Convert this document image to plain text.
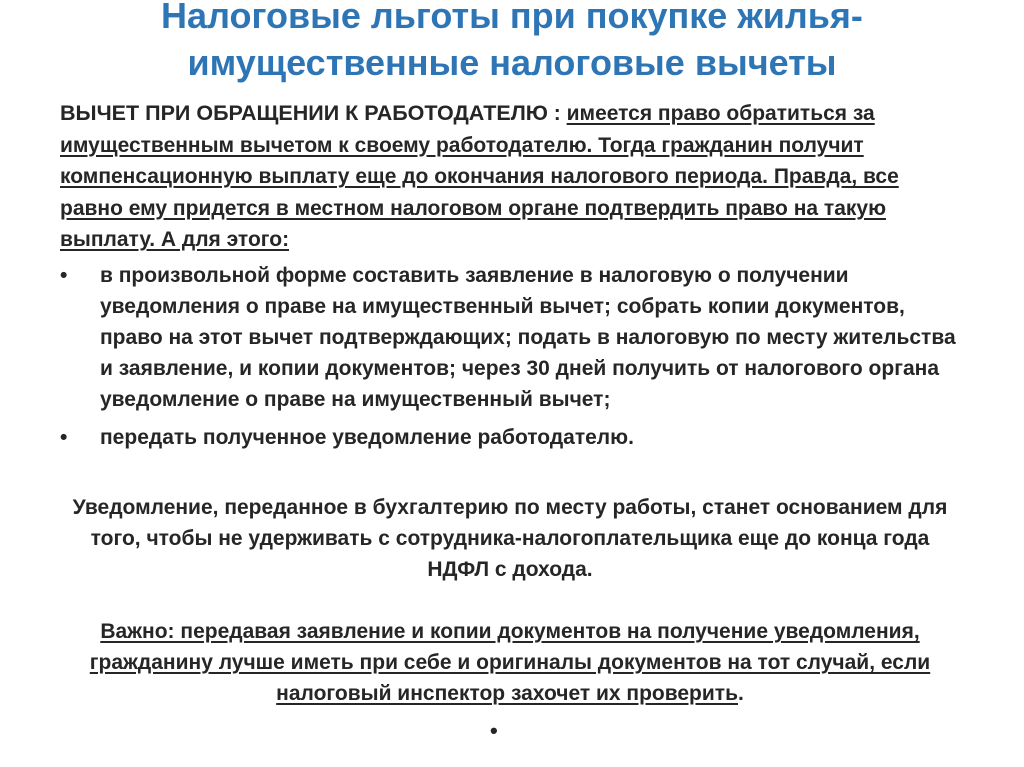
Налоговые льготы при покупке жилья-
имущественные налоговые вычеты

ВЫЧЕТ ПРИ ОБРАЩЕНИИ К РАБОТОДАТЕЛЮ : имеется право обратиться за имущественным вычетом к своему работодателю. Тогда гражданин получит компенсационную выплату еще до окончания налогового периода. Правда, все равно ему придется в местном налоговом органе подтвердить право на такую выплату. А для этого:

• в произвольной форме составить заявление в налоговую о получении уведомления о праве на имущественный вычет; собрать копии документов, право на этот вычет подтверждающих; подать в налоговую по месту жительства и заявление, и копии документов; через 30 дней получить от налогового органа уведомление о праве на имущественный вычет;
• передать полученное уведомление работодателю.

Уведомление, переданное в бухгалтерию по месту работы, станет основанием для того, чтобы не удерживать с сотрудника-налогоплательщика еще до конца года НДФЛ с дохода.

Важно: передавая заявление и копии документов на получение уведомления, гражданину лучше иметь при себе и оригиналы документов на тот случай, если налоговый инспектор захочет их проверить.

•
